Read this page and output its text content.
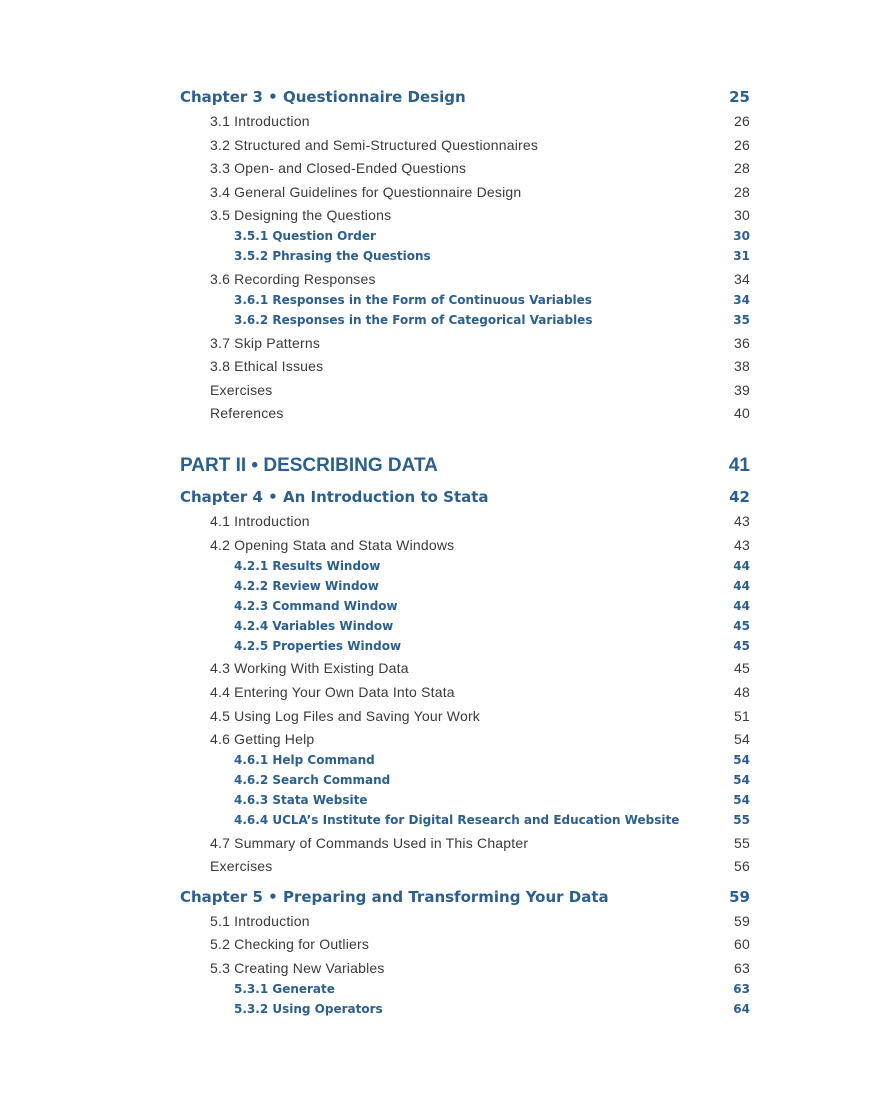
Chapter 3 • Questionnaire Design	25
3.1 Introduction	26
3.2 Structured and Semi-Structured Questionnaires	26
3.3 Open- and Closed-Ended Questions	28
3.4 General Guidelines for Questionnaire Design	28
3.5 Designing the Questions	30
3.5.1 Question Order	30
3.5.2 Phrasing the Questions	31
3.6 Recording Responses	34
3.6.1 Responses in the Form of Continuous Variables	34
3.6.2 Responses in the Form of Categorical Variables	35
3.7 Skip Patterns	36
3.8 Ethical Issues	38
Exercises	39
References	40
PART II • DESCRIBING DATA	41
Chapter 4 • An Introduction to Stata	42
4.1 Introduction	43
4.2 Opening Stata and Stata Windows	43
4.2.1 Results Window	44
4.2.2 Review Window	44
4.2.3 Command Window	44
4.2.4 Variables Window	45
4.2.5 Properties Window	45
4.3 Working With Existing Data	45
4.4 Entering Your Own Data Into Stata	48
4.5 Using Log Files and Saving Your Work	51
4.6 Getting Help	54
4.6.1 Help Command	54
4.6.2 Search Command	54
4.6.3 Stata Website	54
4.6.4 UCLA’s Institute for Digital Research and Education Website	55
4.7 Summary of Commands Used in This Chapter	55
Exercises	56
Chapter 5 • Preparing and Transforming Your Data	59
5.1 Introduction	59
5.2 Checking for Outliers	60
5.3 Creating New Variables	63
5.3.1 Generate	63
5.3.2 Using Operators	64
